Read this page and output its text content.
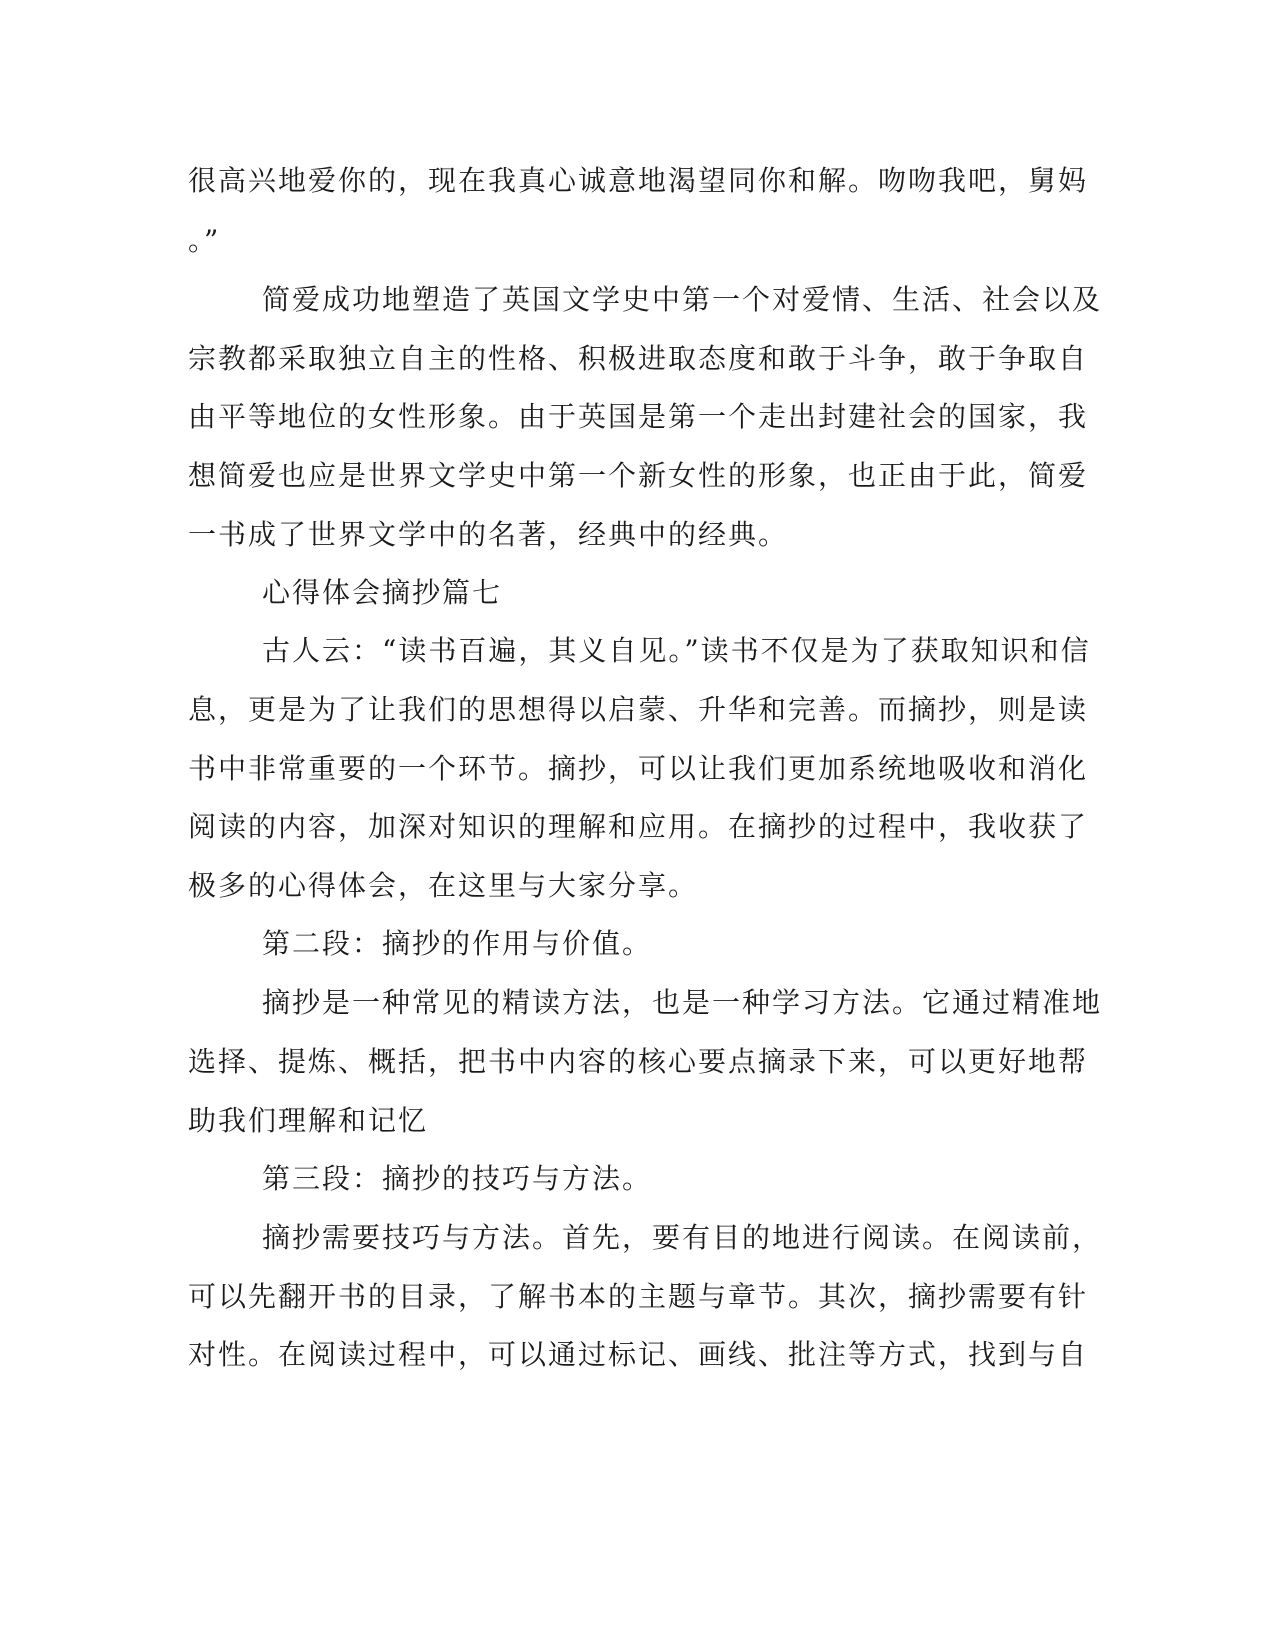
很高兴地爱你的，现在我真心诚意地渴望同你和解。吻吻我吧，舅妈
。”
简爱成功地塑造了英国文学史中第一个对爱情、生活、社会以及
宗教都采取独立自主的性格、积极进取态度和敢于斗争，敢于争取自
由平等地位的女性形象。由于英国是第一个走出封建社会的国家，我
想简爱也应是世界文学史中第一个新女性的形象，也正由于此，简爱
一书成了世界文学中的名著，经典中的经典。
心得体会摘抄篇七
古人云：“读书百遍，其义自见。”读书不仅是为了获取知识和信
息，更是为了让我们的思想得以启蒙、升华和完善。而摘抄，则是读
书中非常重要的一个环节。摘抄，可以让我们更加系统地吸收和消化
阅读的内容，加深对知识的理解和应用。在摘抄的过程中，我收获了
极多的心得体会，在这里与大家分享。
第二段：摘抄的作用与价值。
摘抄是一种常见的精读方法，也是一种学习方法。它通过精准地
选择、提炼、概括，把书中内容的核心要点摘录下来，可以更好地帮
助我们理解和记忆
第三段：摘抄的技巧与方法。
摘抄需要技巧与方法。首先，要有目的地进行阅读。在阅读前，
可以先翻开书的目录，了解书本的主题与章节。其次，摘抄需要有针
对性。在阅读过程中，可以通过标记、画线、批注等方式，找到与自
